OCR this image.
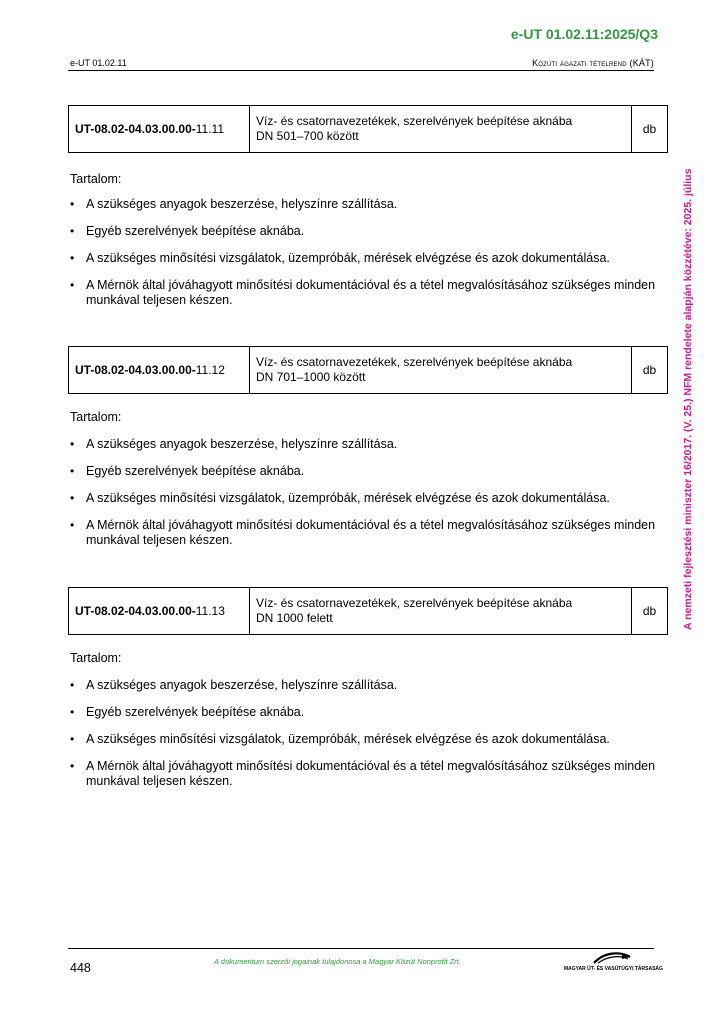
e-UT 01.02.11:2025/Q3
e-UT 01.02.11	Közúti ágazati tételrend (KÁT)
A nemzeti fejlesztési miniszter 16/2017. (V. 25.) NFM rendelete alapján közzétéve: 2025. július
UT-08.02-04.03.00.00-11.11	Víz- és csatornavezetékek, szerelvények beépítése aknába
DN 501–700 között	db
Tartalom:
• A szükséges anyagok beszerzése, helyszínre szállítása.
• Egyéb szerelvények beépítése aknába.
• A szükséges minősítési vizsgálatok, üzempróbák, mérések elvégzése és azok dokumentálása.
• A Mérnök által jóváhagyott minősítési dokumentációval és a tétel megvalósításához szükséges minden munkával teljesen készen.
UT-08.02-04.03.00.00-11.12	Víz- és csatornavezetékek, szerelvények beépítése aknába
DN 701–1000 között	db
Tartalom:
• A szükséges anyagok beszerzése, helyszínre szállítása.
• Egyéb szerelvények beépítése aknába.
• A szükséges minősítési vizsgálatok, üzempróbák, mérések elvégzése és azok dokumentálása.
• A Mérnök által jóváhagyott minősítési dokumentációval és a tétel megvalósításához szükséges minden munkával teljesen készen.
UT-08.02-04.03.00.00-11.13	Víz- és csatornavezetékek, szerelvények beépítése aknába
DN 1000 felett	db
Tartalom:
• A szükséges anyagok beszerzése, helyszínre szállítása.
• Egyéb szerelvények beépítése aknába.
• A szükséges minősítési vizsgálatok, üzempróbák, mérések elvégzése és azok dokumentálása.
• A Mérnök által jóváhagyott minősítési dokumentációval és a tétel megvalósításához szükséges minden munkával teljesen készen.
448	A dokumentum szerzői jogainak tulajdonosa a Magyar Közút Nonprofit Zrt.
MAGYAR ÚT- ÉS VASÚTÜGYI TÁRSASÁG
